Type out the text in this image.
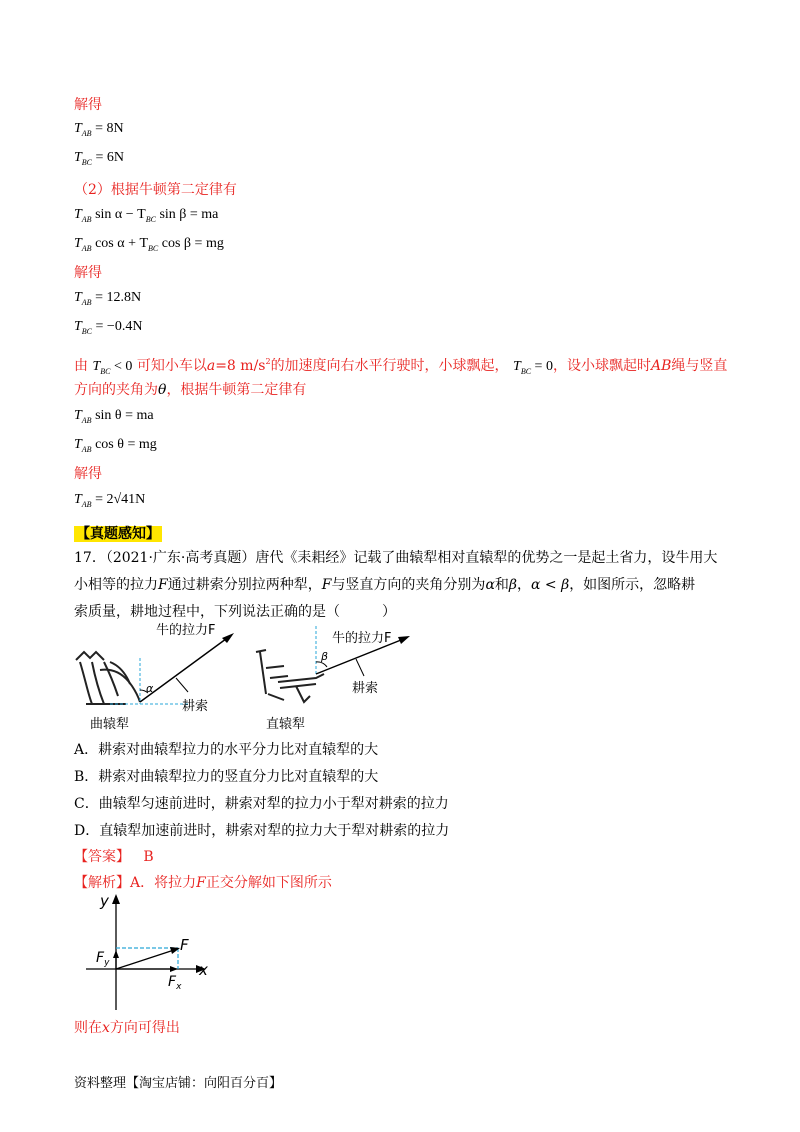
解得
$T_{AB} = 8N$
$T_{BC} = 6N$
（2）根据牛顿第二定律有
$T_{AB}$ $\sin \alpha - T_{BC}$ sin β = ma
$T_{AB}$ $\cos \alpha + T_{BC}$ cos β = mg
解得
$T_{AB} = 12.8N$
$T_{BC} = -0.4N$
由 $T_{BC} < 0$ 可知小车以a=8 $m/s^2$的加速度向右水平行驶时，小球飘起， $T_{BC} = 0$，设小球飘起时AB绳与竖直
方向的夹角为θ，根据牛顿第二定律有
$T_{AB}$ sin θ = ma
$T_{AB}$ cos θ = mg
解得
$T_{AB} = 2√41N$
【真题感知】
17．（2021·广东·高考真题）唐代《耒耜经》记载了曲辕犁相对直辕犁的优势之一是起土省力，设牛用大
小相等的拉力F通过耕索分别拉两种犁，F与竖直方向的夹角分别为α和β，α < β，如图所示，忽略耕
索质量，耕地过程中，下列说法正确的是（　　　）
牛的拉力F
α
耕索
曲辕犁
牛的拉力F
β
耕索
直辕犁
A．耕索对曲辕犁拉力的水平分力比对直辕犁的大
B．耕索对曲辕犁拉力的竖直分力比对直辕犁的大
C．曲辕犁匀速前进时，耕索对犁的拉力小于犁对耕索的拉力
D．直辕犁加速前进时，耕索对犁的拉力大于犁对耕索的拉力
【答案】 B
【解析】A．将拉力F正交分解如下图所示
y
x
F
$F_y$
$F_x$
则在x方向可得出
资料整理【淘宝店铺：向阳百分百】
